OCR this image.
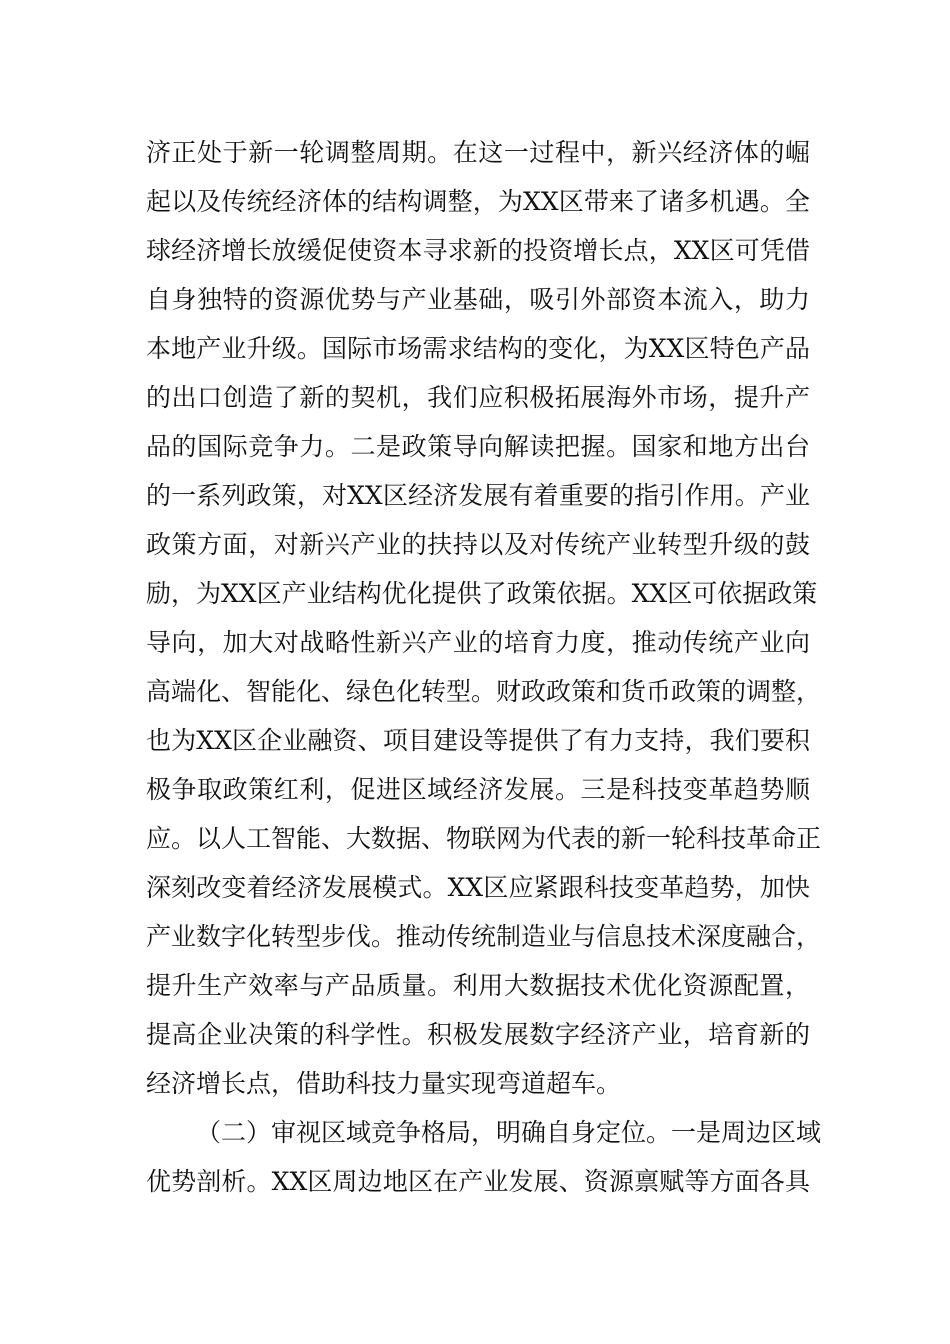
济正处于新一轮调整周期。在这一过程中，新兴经济体的崛
起以及传统经济体的结构调整，为XX区带来了诸多机遇。全
球经济增长放缓促使资本寻求新的投资增长点，XX区可凭借
自身独特的资源优势与产业基础，吸引外部资本流入，助力
本地产业升级。国际市场需求结构的变化，为XX区特色产品
的出口创造了新的契机，我们应积极拓展海外市场，提升产
品的国际竞争力。二是政策导向解读把握。国家和地方出台
的一系列政策，对XX区经济发展有着重要的指引作用。产业
政策方面，对新兴产业的扶持以及对传统产业转型升级的鼓
励，为XX区产业结构优化提供了政策依据。XX区可依据政策
导向，加大对战略性新兴产业的培育力度，推动传统产业向
高端化、智能化、绿色化转型。财政政策和货币政策的调整，
也为XX区企业融资、项目建设等提供了有力支持，我们要积
极争取政策红利，促进区域经济发展。三是科技变革趋势顺
应。以人工智能、大数据、物联网为代表的新一轮科技革命正
深刻改变着经济发展模式。XX区应紧跟科技变革趋势，加快
产业数字化转型步伐。推动传统制造业与信息技术深度融合，
提升生产效率与产品质量。利用大数据技术优化资源配置，
提高企业决策的科学性。积极发展数字经济产业，培育新的
经济增长点，借助科技力量实现弯道超车。
（二）审视区域竞争格局，明确自身定位。一是周边区域
优势剖析。XX区周边地区在产业发展、资源禀赋等方面各具
